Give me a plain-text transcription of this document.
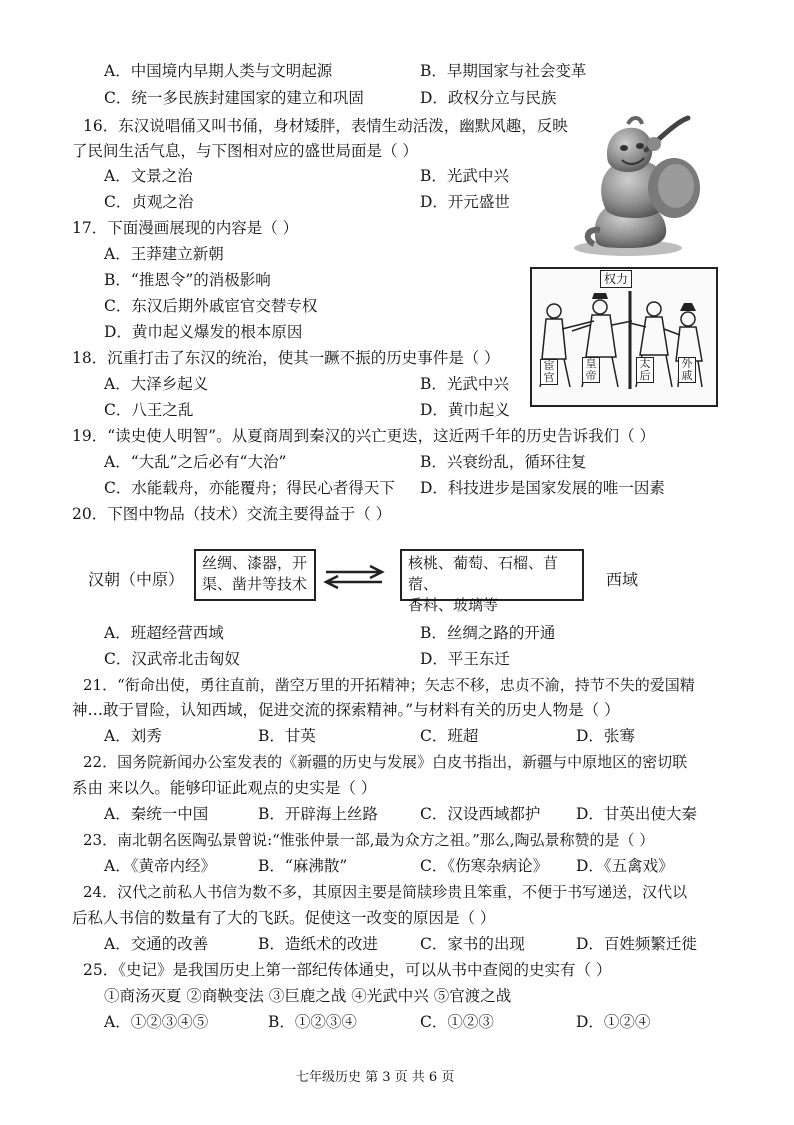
A．中国境内早期人类与文明起源	B．早期国家与社会变革
C．统一多民族封建国家的建立和巩固	D．政权分立与民族
16．东汉说唱俑又叫书俑，身材矮胖，表情生动活泼，幽默风趣，反映
了民间生活气息，与下图相对应的盛世局面是（ ）
A．文景之治	B．光武中兴
C．贞观之治	D．开元盛世
17．下面漫画展现的内容是（ ）
A．王莽建立新朝
B．“推恩令”的消极影响
C．东汉后期外戚宦官交替专权
D．黄巾起义爆发的根本原因
权力
宦官
皇帝
太后
外戚
18．沉重打击了东汉的统治，使其一蹶不振的历史事件是（ ）
A．大泽乡起义	B．光武中兴
C．八王之乱	D．黄巾起义
19．“读史使人明智”。从夏商周到秦汉的兴亡更迭，这近两千年的历史告诉我们（ ）
A．“大乱”之后必有“大治”	B．兴衰纷乱，循环往复
C．水能载舟，亦能覆舟；得民心者得天下 D．科技进步是国家发展的唯一因素
20．下图中物品（技术）交流主要得益于（ ）
汉朝（中原）
丝绸、漆器，开
渠、凿井等技术
核桃、葡萄、石榴、苜蓿、
香料、玻璃等
西域
A．班超经营西域	B．丝绸之路的开通
C．汉武帝北击匈奴	D．平王东迁
21．“衔命出使，勇往直前，凿空万里的开拓精神；矢志不移，忠贞不渝，持节不失的爱国精
神…敢于冒险，认知西域，促进交流的探索精神。”与材料有关的历史人物是（ ）
A．刘秀	B．甘英	C．班超	D．张骞
22．国务院新闻办公室发表的《新疆的历史与发展》白皮书指出，新疆与中原地区的密切联
系由 来以久。能够印证此观点的史实是（ ）
A．秦统一中国	B．开辟海上丝路	C．汉设西域都护 D．甘英出使大秦
23．南北朝名医陶弘景曾说:“惟张仲景一部,最为众方之祖。”那么,陶弘景称赞的是（ ）
A．《黄帝内经》	B．“麻沸散”	C．《伤寒杂病论》 D．《五禽戏》
24．汉代之前私人书信为数不多，其原因主要是简牍珍贵且笨重，不便于书写递送，汉代以
后私人书信的数量有了大的飞跃。促使这一改变的原因是（ ）
A．交通的改善	B．造纸术的改进	C．家书的出现	D．百姓频繁迁徙
25．《史记》是我国历史上第一部纪传体通史，可以从书中查阅的史实有（ ）
①商汤灭夏 ②商鞅变法 ③巨鹿之战 ④光武中兴 ⑤官渡之战
A．①②③④⑤	B．①②③④	C．①②③	D．①②④
七年级历史 第 3 页 共 6 页
